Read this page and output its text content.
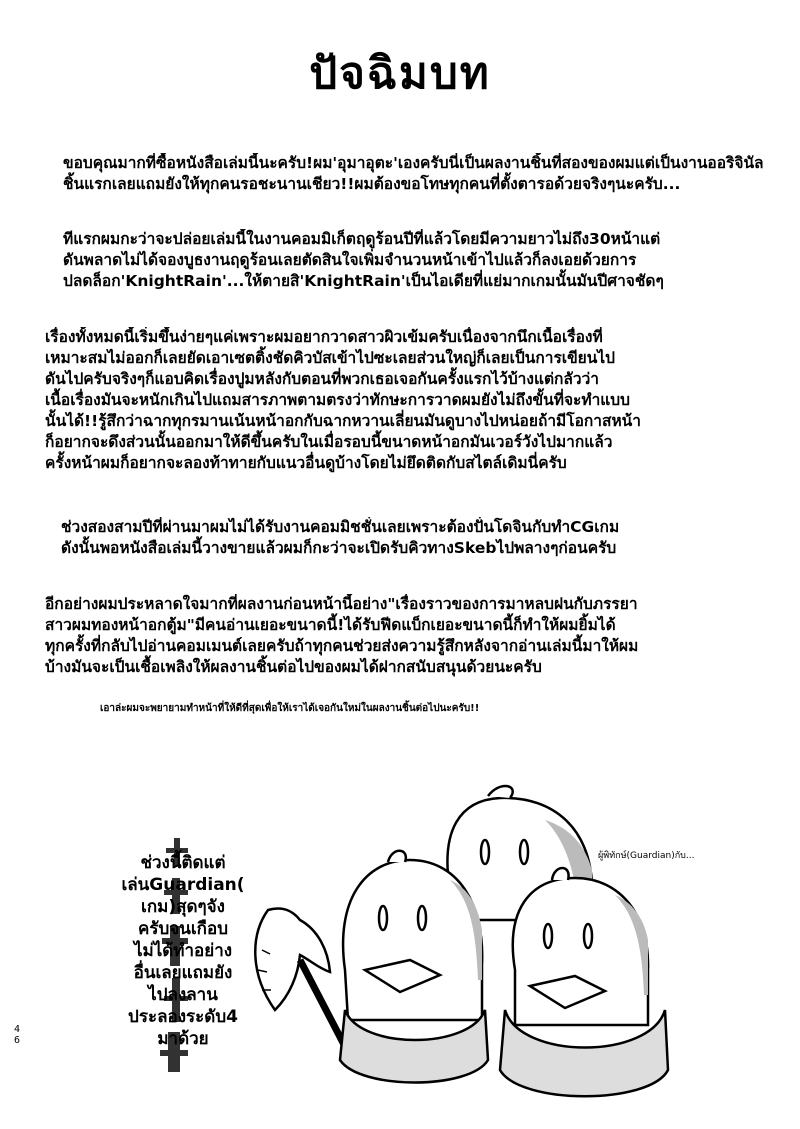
ปัจฉิมบท
ขอบคุณมากที่ซื้อหนังสือเล่มนี้นะครับ!ผม'อุมาอุตะ'เองครับนี่เป็นผลงานชิ้นที่สองของผมแต่เป็นงานออริจินัล
ชิ้นแรกเลยแถมยังให้ทุกคนรอชะนานเชียว!!ผมต้องขอโทษทุกคนที่ตั้งตารอด้วยจริงๆนะครับ...
ทีแรกผมกะว่าจะปล่อยเล่มนี้ในงานคอมมิเก็ตฤดูร้อนปีที่แล้วโดยมีความยาวไม่ถึง30หน้าแต่
ดันพลาดไม่ได้จองบูธงานฤดูร้อนเลยตัดสินใจเพิ่มจำนวนหน้าเข้าไปแล้วก็ลงเอยด้วยการ
ปลดล็อก'KnightRain'...ให้ตายสิ'KnightRain'เป็นไอเดียที่แย่มากเกมนั้นมันปีศาจชัดๆ
เรื่องทั้งหมดนี้เริ่มขึ้นง่ายๆแค่เพราะผมอยากวาดสาวผิวเข้มครับเนื่องจากนึกเนื้อเรื่องที่
เหมาะสมไม่ออกก็เลยยัดเอาเซตติ้งชัดคิวบัสเข้าไปซะเลยส่วนใหญ่ก็เลยเป็นการเขียนไป
ดันไปครับจริงๆก็แอบคิดเรื่องปูมหลังกับตอนที่พวกเธอเจอกันครั้งแรกไว้บ้างแต่กลัวว่า
เนื้อเรื่องมันจะหนักเกินไปแถมสารภาพตามตรงว่าทักษะการวาดผมยังไม่ถึงขั้นที่จะทำแบบ
นั้นได้!!รู้สึกว่าฉากทุกรมานเน้นหน้าอกกับฉากหวานเลี่ยนมันดูบางไปหน่อยถ้ามีโอกาสหน้า
ก็อยากจะดึงส่วนนั้นออกมาให้ดีขึ้นครับในเมื่อรอบนี้ขนาดหน้าอกมันเวอร์วังไปมากแล้ว
ครั้งหน้าผมก็อยากจะลองท้าทายกับแนวอื่นดูบ้างโดยไม่ยึดติดกับสไตล์เดิมนี่ครับ
ช่วงสองสามปีที่ผ่านมาผมไม่ได้รับงานคอมมิชชั่นเลยเพราะต้องปั่นโดจินกับทำCGเกม
ดังนั้นพอหนังสือเล่มนี้วางขายแล้วผมก็กะว่าจะเปิดรับคิวทางSkebไปพลางๆก่อนครับ
อีกอย่างผมประหลาดใจมากที่ผลงานก่อนหน้านี้อย่าง"เรื่องราวของการมาหลบฝนกับภรรยา
สาวผมทองหน้าอกตู้ม"มีคนอ่านเยอะขนาดนี้!ได้รับฟีดแบ็กเยอะขนาดนี้ก็ทำให้ผมยิ้มได้
ทุกครั้งที่กลับไปอ่านคอมเมนต์เลยครับถ้าทุกคนช่วยส่งความรู้สึกหลังจากอ่านเล่มนี้มาให้ผม
บ้างมันจะเป็นเชื้อเพลิงให้ผลงานชิ้นต่อไปของผมได้ฝากสนับสนุนด้วยนะครับ
เอาล่ะผมจะพยายามทำหน้าที่ให้ดีที่สุดเพื่อให้เราได้เจอกันใหม่ในผลงานชิ้นต่อไปนะครับ!!
ช่วงนี้ติดแต่
เล่นGuardian(
เกม)สุดๆจัง
ครับจนเกือบ
ไม่ได้ทำอย่าง
อื่นเลยแถมยัง
ไปลงลาน
ประลองระดับ4
มาด้วย
ผู้พิทักษ์(Guardian)กับ...
4
6
